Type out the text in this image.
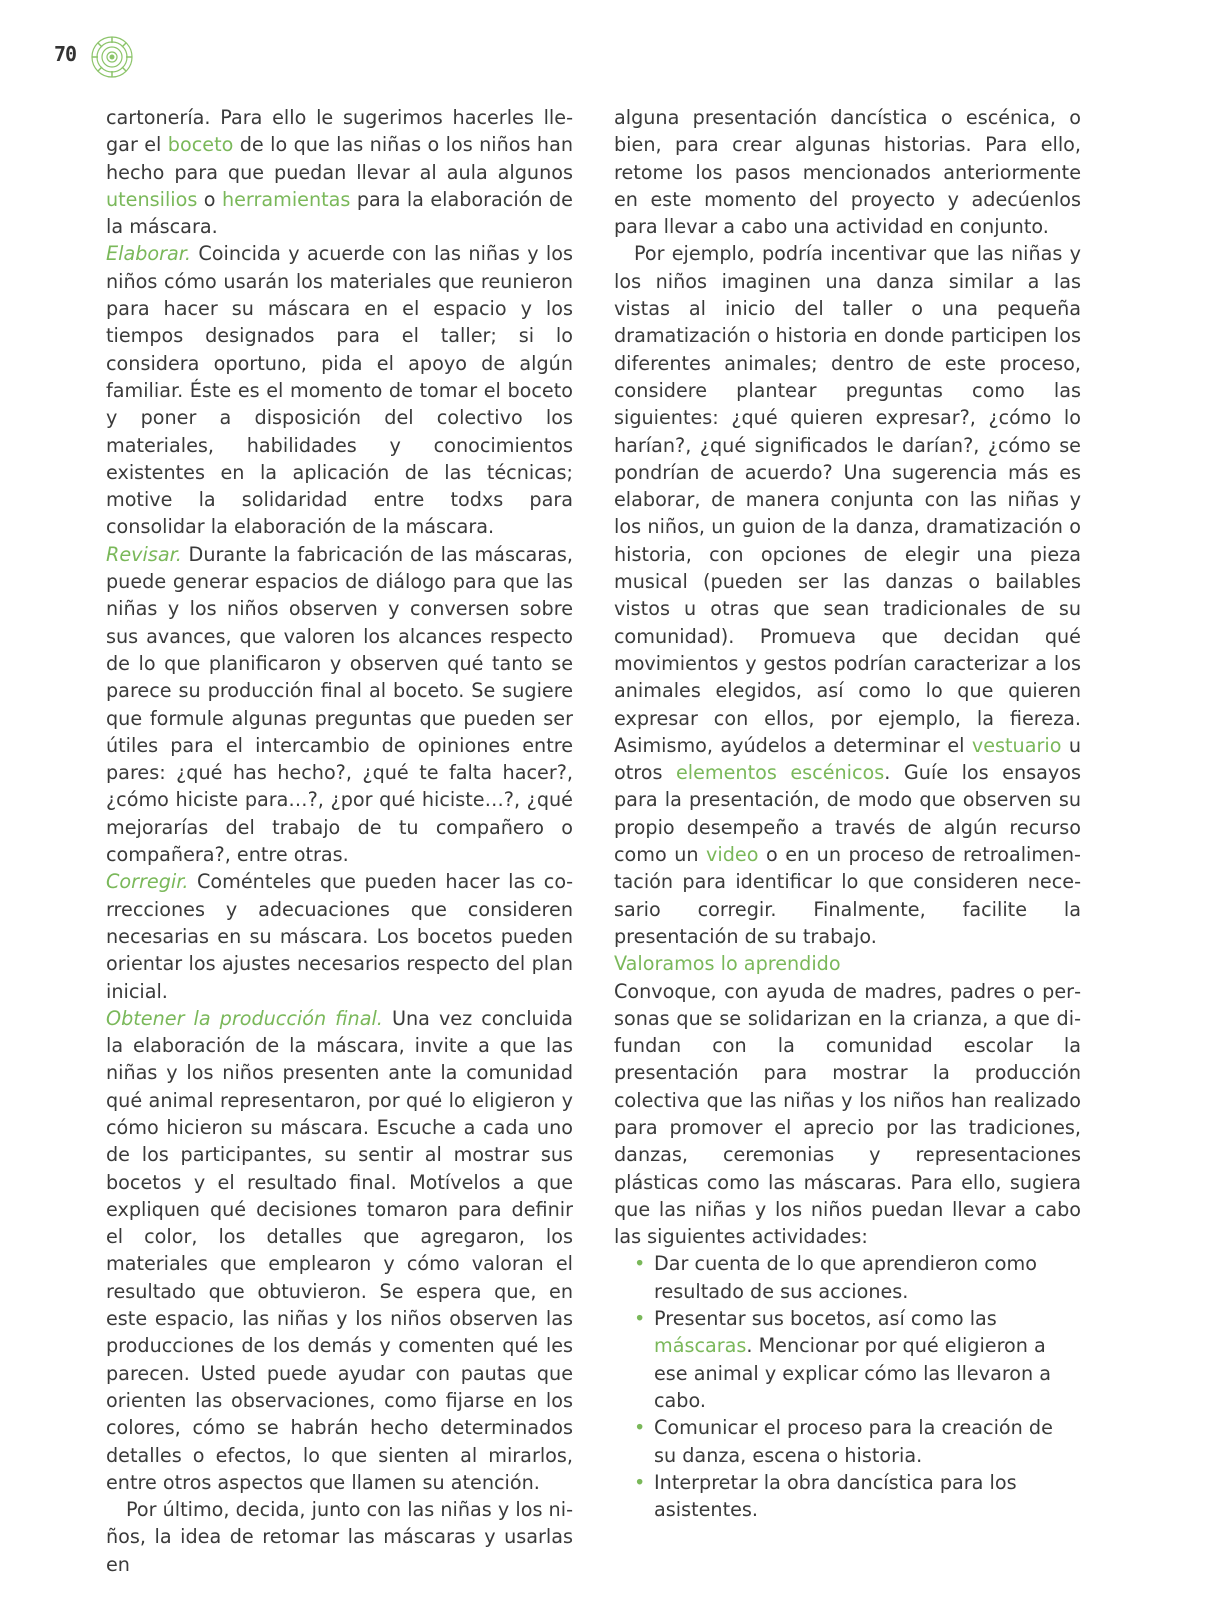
70

cartonería. Para ello le sugerimos hacerles llegar el boceto de lo que las niñas o los niños han hecho para que puedan llevar al aula algunos utensilios o herramientas para la elaboración de la máscara.

Elaborar. Coincida y acuerde con las niñas y los niños cómo usarán los materiales que reunieron para hacer su máscara en el espacio y los tiempos designados para el taller; si lo considera oportuno, pida el apoyo de algún familiar. Éste es el momento de tomar el boceto y poner a disposición del colectivo los materiales, habilidades y conocimientos existentes en la aplicación de las técnicas; motive la solidaridad entre todxs para consolidar la elaboración de la máscara.

Revisar. Durante la fabricación de las máscaras, puede generar espacios de diálogo para que las niñas y los niños observen y conversen sobre sus avances, que valoren los alcances respecto de lo que planificaron y observen qué tanto se parece su producción final al boceto. Se sugiere que formule algunas preguntas que pueden ser útiles para el intercambio de opiniones entre pares: ¿qué has hecho?, ¿qué te falta hacer?, ¿cómo hiciste para…?, ¿por qué hiciste…?, ¿qué mejorarías del trabajo de tu compañero o compañera?, entre otras.

Corregir. Coménteles que pueden hacer las correcciones y adecuaciones que consideren necesarias en su máscara. Los bocetos pueden orientar los ajustes necesarios respecto del plan inicial.

Obtener la producción final. Una vez concluida la elaboración de la máscara, invite a que las niñas y los niños presenten ante la comunidad qué animal representaron, por qué lo eligieron y cómo hicieron su máscara. Escuche a cada uno de los participantes, su sentir al mostrar sus bocetos y el resultado final. Motívelos a que expliquen qué decisiones tomaron para definir el color, los detalles que agregaron, los materiales que emplearon y cómo valoran el resultado que obtuvieron. Se espera que, en este espacio, las niñas y los niños observen las producciones de los demás y comenten qué les parecen. Usted puede ayudar con pautas que orienten las observaciones, como fijarse en los colores, cómo se habrán hecho determinados detalles o efectos, lo que sienten al mirarlos, entre otros aspectos que llamen su atención.

Por último, decida, junto con las niñas y los niños, la idea de retomar las máscaras y usarlas en

alguna presentación dancística o escénica, o bien, para crear algunas historias. Para ello, retome los pasos mencionados anteriormente en este momento del proyecto y adecúenlos para llevar a cabo una actividad en conjunto.

Por ejemplo, podría incentivar que las niñas y los niños imaginen una danza similar a las vistas al inicio del taller o una pequeña dramatización o historia en donde participen los diferentes animales; dentro de este proceso, considere plantear preguntas como las siguientes: ¿qué quieren expresar?, ¿cómo lo harían?, ¿qué significados le darían?, ¿cómo se pondrían de acuerdo? Una sugerencia más es elaborar, de manera conjunta con las niñas y los niños, un guion de la danza, dramatización o historia, con opciones de elegir una pieza musical (pueden ser las danzas o bailables vistos u otras que sean tradicionales de su comunidad). Promueva que decidan qué movimientos y gestos podrían caracterizar a los animales elegidos, así como lo que quieren expresar con ellos, por ejemplo, la fiereza. Asimismo, ayúdelos a determinar el vestuario u otros elementos escénicos. Guíe los ensayos para la presentación, de modo que observen su propio desempeño a través de algún recurso como un video o en un proceso de retroalimentación para identificar lo que consideren necesario corregir. Finalmente, facilite la presentación de su trabajo.

Valoramos lo aprendido

Convoque, con ayuda de madres, padres o personas que se solidarizan en la crianza, a que difundan con la comunidad escolar la presentación para mostrar la producción colectiva que las niñas y los niños han realizado para promover el aprecio por las tradiciones, danzas, ceremonias y representaciones plásticas como las máscaras. Para ello, sugiera que las niñas y los niños puedan llevar a cabo las siguientes actividades:

• Dar cuenta de lo que aprendieron como resultado de sus acciones.
• Presentar sus bocetos, así como las máscaras. Mencionar por qué eligieron a ese animal y explicar cómo las llevaron a cabo.
• Comunicar el proceso para la creación de su danza, escena o historia.
• Interpretar la obra dancística para los asistentes.
